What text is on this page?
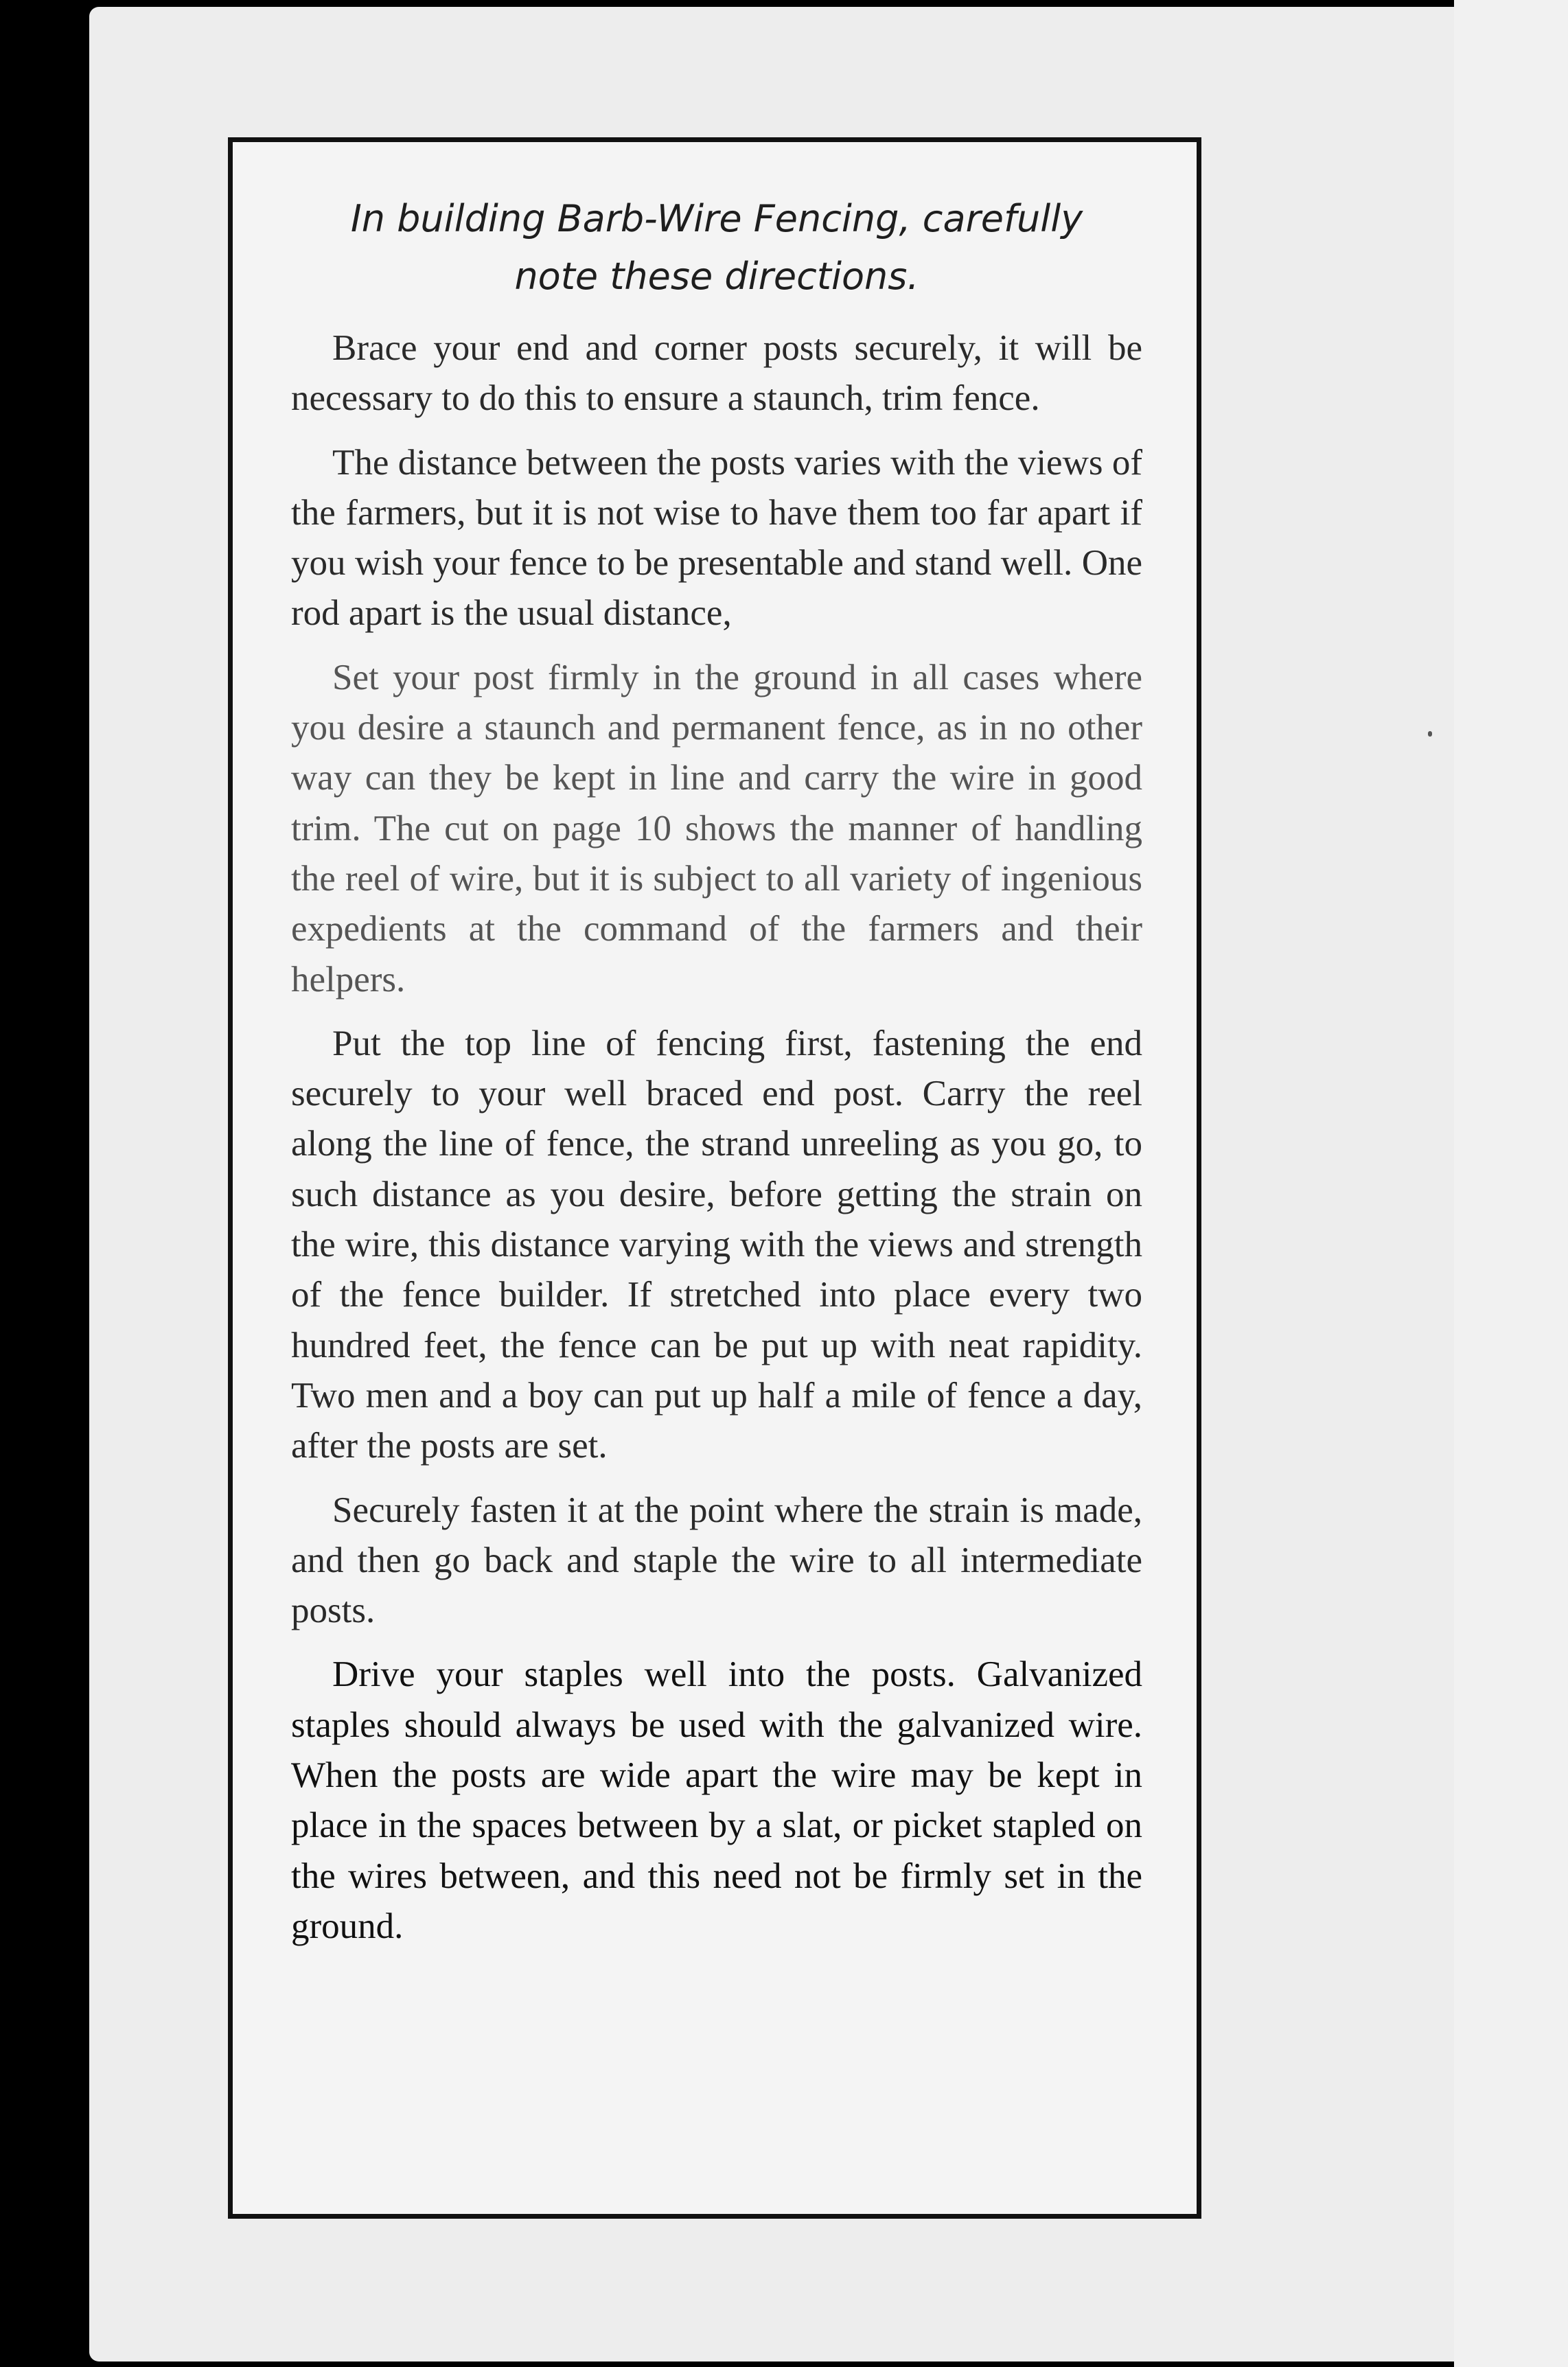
In building Barb-Wire Fencing, carefully
note these directions.

Brace your end and corner posts securely, it will be necessary to do this to ensure a staunch, trim fence.

The distance between the posts varies with the views of the farmers, but it is not wise to have them too far apart if you wish your fence to be presentable and stand well. One rod apart is the usual distance,

Set your post firmly in the ground in all cases where you desire a staunch and permanent fence, as in no other way can they be kept in line and carry the wire in good trim. The cut on page 10 shows the manner of handling the reel of wire, but it is subject to all variety of ingenious expedients at the command of the farmers and their helpers.

Put the top line of fencing first, fastening the end securely to your well braced end post. Carry the reel along the line of fence, the strand unreeling as you go, to such distance as you desire, before getting the strain on the wire, this distance varying with the views and strength of the fence builder. If stretched into place every two hundred feet, the fence can be put up with neat rapidity. Two men and a boy can put up half a mile of fence a day, after the posts are set.

Securely fasten it at the point where the strain is made, and then go back and staple the wire to all intermediate posts.

Drive your staples well into the posts. Galvanized staples should always be used with the galvanized wire. When the posts are wide apart the wire may be kept in place in the spaces between by a slat, or picket stapled on the wires between, and this need not be firmly set in the ground.
